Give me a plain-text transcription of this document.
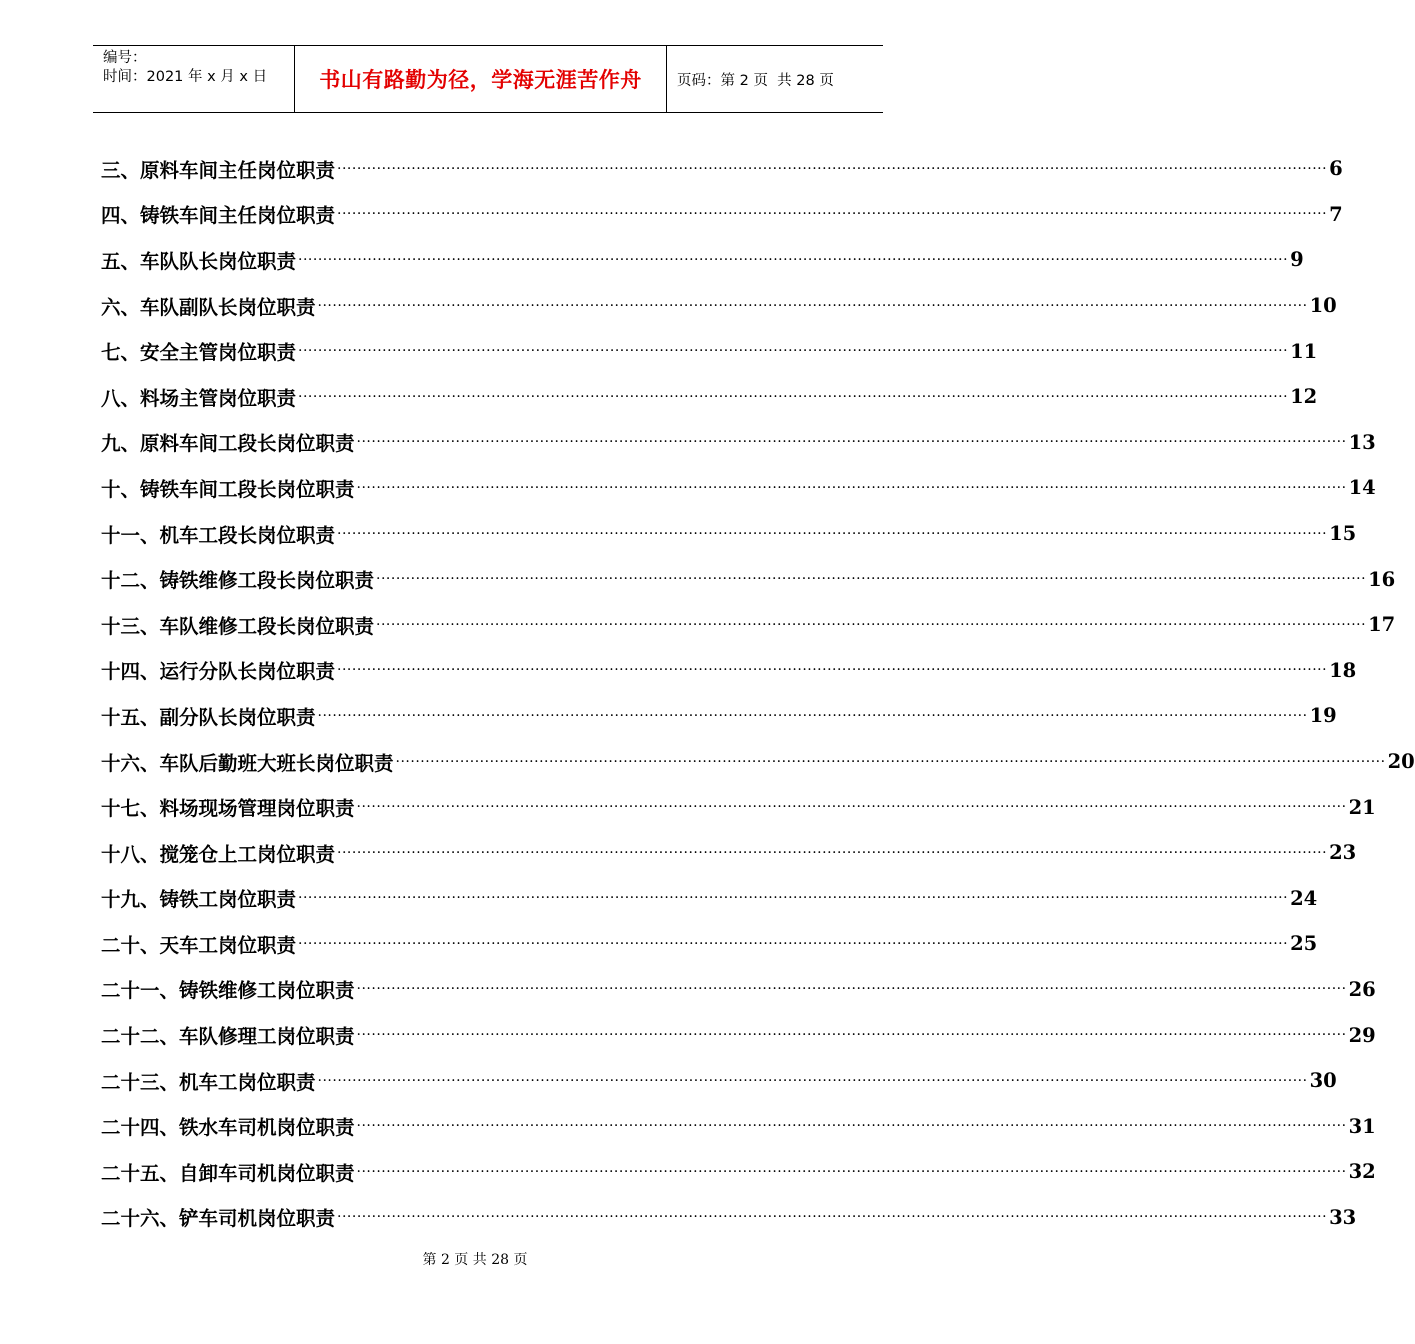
编号：
时间：2021 年 x 月 x 日	书山有路勤为径，学海无涯苦作舟	页码：第 2 页  共 28 页
三、原料车间主任岗位职责 ········································································································································································································ 6
四、铸铁车间主任岗位职责 ········································································································································································································ 7
五、车队队长岗位职责 ········································································································································································································ 9
六、车队副队长岗位职责 ········································································································································································································ 10
七、安全主管岗位职责 ········································································································································································································ 11
八、料场主管岗位职责 ········································································································································································································ 12
九、原料车间工段长岗位职责 ········································································································································································································ 13
十、铸铁车间工段长岗位职责 ········································································································································································································ 14
十一、机车工段长岗位职责 ········································································································································································································ 15
十二、铸铁维修工段长岗位职责 ········································································································································································································ 16
十三、车队维修工段长岗位职责 ········································································································································································································ 17
十四、运行分队长岗位职责 ········································································································································································································ 18
十五、副分队长岗位职责 ········································································································································································································ 19
十六、车队后勤班大班长岗位职责 ········································································································································································································ 20
十七、料场现场管理岗位职责 ········································································································································································································ 21
十八、搅笼仓上工岗位职责 ········································································································································································································ 23
十九、铸铁工岗位职责 ········································································································································································································ 24
二十、天车工岗位职责 ········································································································································································································ 25
二十一、铸铁维修工岗位职责 ········································································································································································································ 26
二十二、车队修理工岗位职责 ········································································································································································································ 29
二十三、机车工岗位职责 ········································································································································································································ 30
二十四、铁水车司机岗位职责 ········································································································································································································ 31
二十五、自卸车司机岗位职责 ········································································································································································································ 32
二十六、铲车司机岗位职责 ········································································································································································································ 33
第 2 页 共 28 页
